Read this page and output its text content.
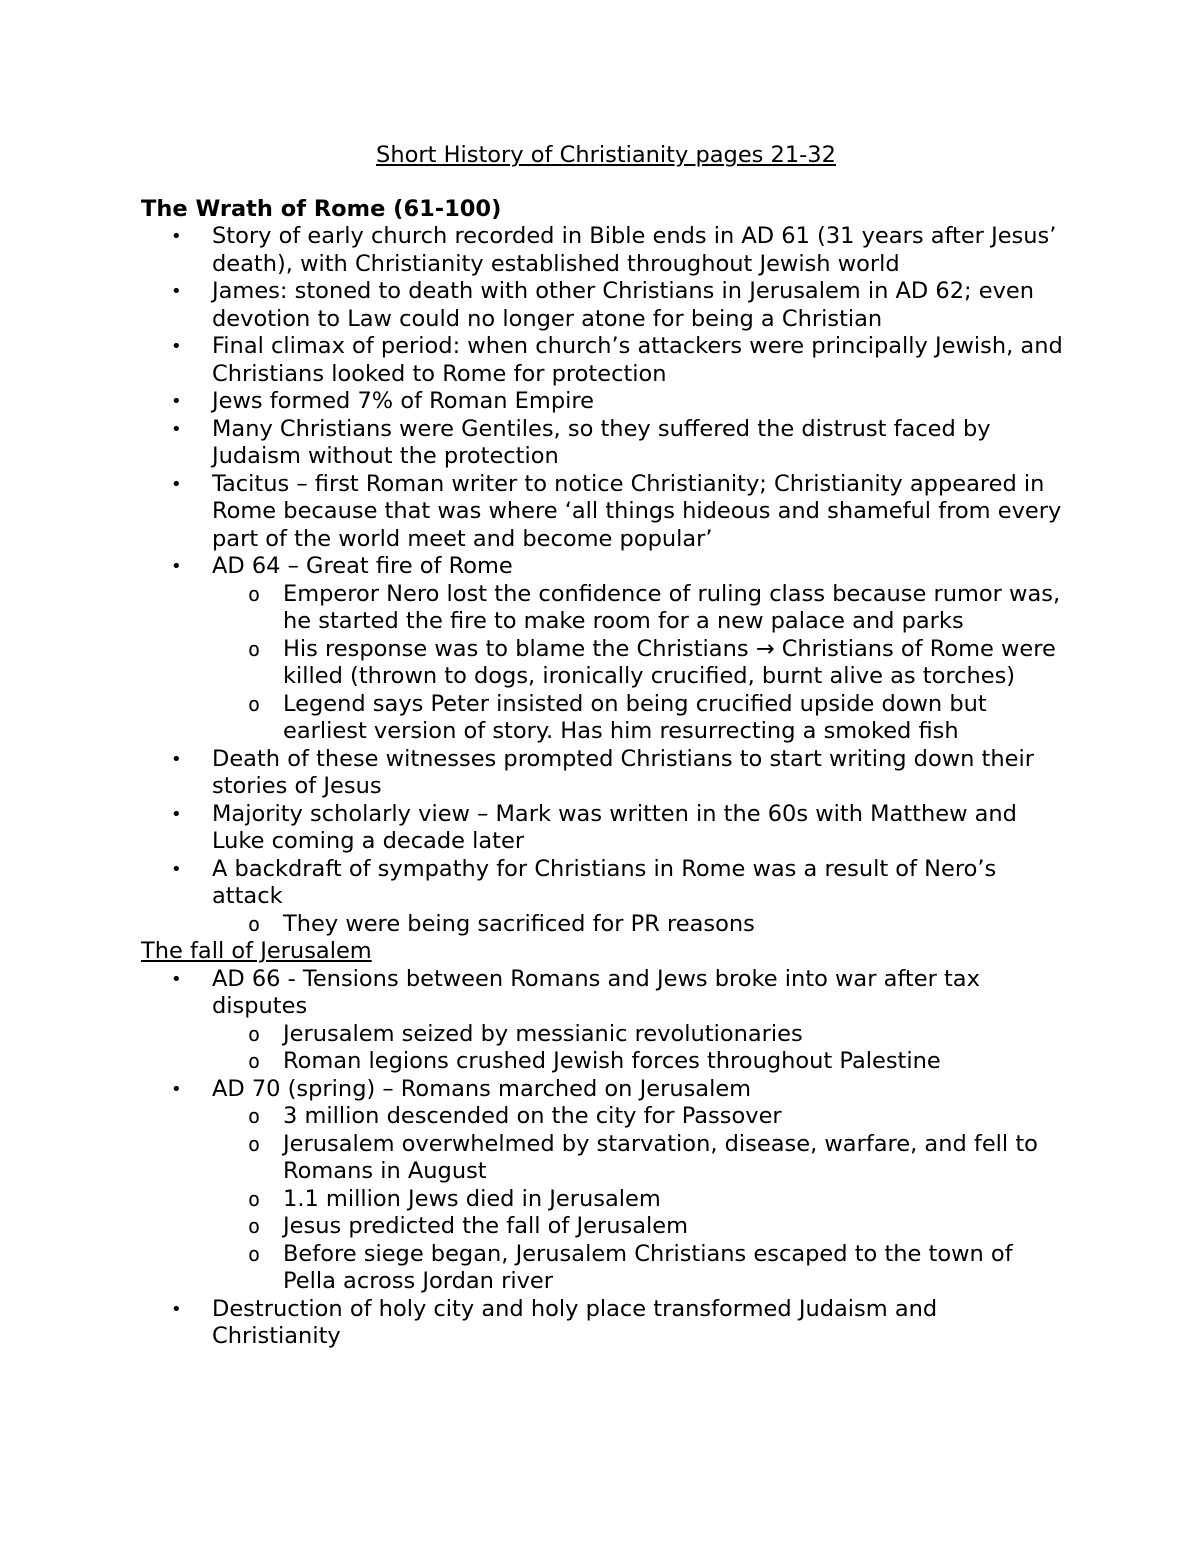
Short History of Christianity pages 21-32
The Wrath of Rome (61-100)
• Story of early church recorded in Bible ends in AD 61 (31 years after Jesus’ death), with Christianity established throughout Jewish world
• James: stoned to death with other Christians in Jerusalem in AD 62; even devotion to Law could no longer atone for being a Christian
• Final climax of period: when church’s attackers were principally Jewish, and Christians looked to Rome for protection
• Jews formed 7% of Roman Empire
• Many Christians were Gentiles, so they suffered the distrust faced by Judaism without the protection
• Tacitus – first Roman writer to notice Christianity; Christianity appeared in Rome because that was where ‘all things hideous and shameful from every part of the world meet and become popular’
• AD 64 – Great fire of Rome
o Emperor Nero lost the confidence of ruling class because rumor was, he started the fire to make room for a new palace and parks
o His response was to blame the Christians → Christians of Rome were killed (thrown to dogs, ironically crucified, burnt alive as torches)
o Legend says Peter insisted on being crucified upside down but earliest version of story. Has him resurrecting a smoked fish
• Death of these witnesses prompted Christians to start writing down their stories of Jesus
• Majority scholarly view – Mark was written in the 60s with Matthew and Luke coming a decade later
• A backdraft of sympathy for Christians in Rome was a result of Nero’s attack
o They were being sacrificed for PR reasons
The fall of Jerusalem
• AD 66 - Tensions between Romans and Jews broke into war after tax disputes
o Jerusalem seized by messianic revolutionaries
o Roman legions crushed Jewish forces throughout Palestine
• AD 70 (spring) – Romans marched on Jerusalem
o 3 million descended on the city for Passover
o Jerusalem overwhelmed by starvation, disease, warfare, and fell to Romans in August
o 1.1 million Jews died in Jerusalem
o Jesus predicted the fall of Jerusalem
o Before siege began, Jerusalem Christians escaped to the town of Pella across Jordan river
• Destruction of holy city and holy place transformed Judaism and Christianity
